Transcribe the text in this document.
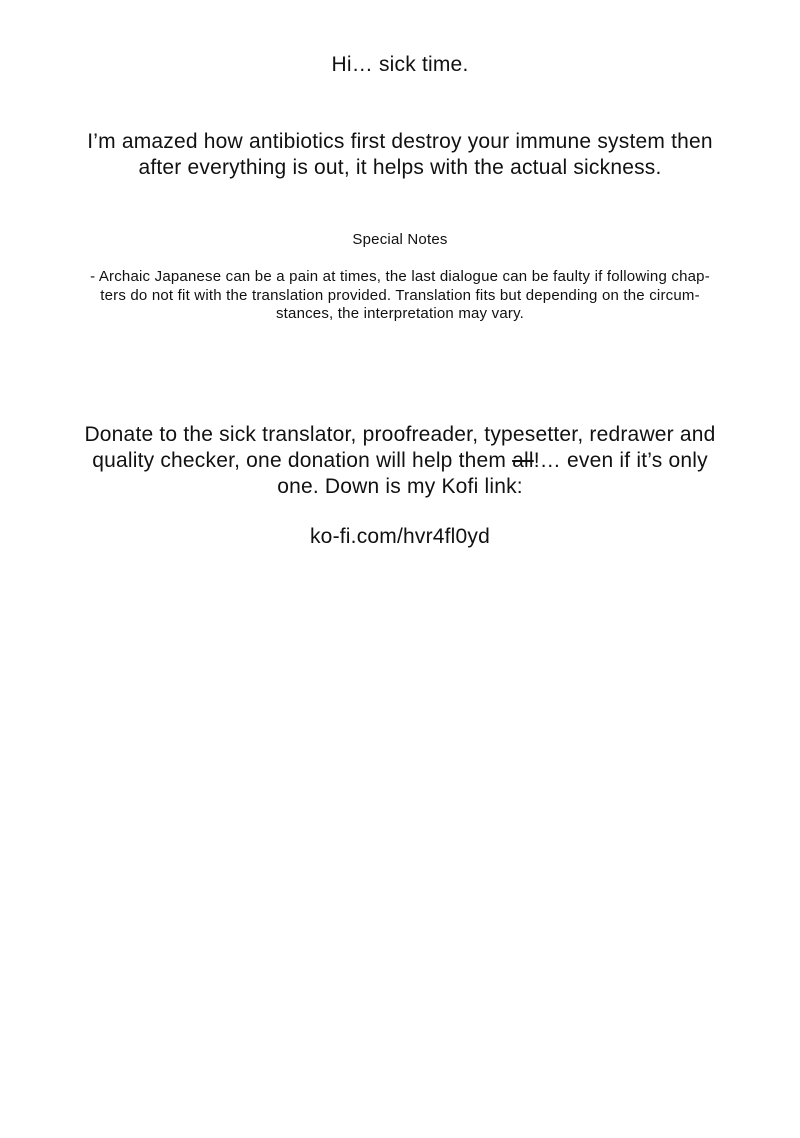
Hi… sick time.
I’m amazed how antibiotics first destroy your immune system then
after everything is out, it helps with the actual sickness.
Special Notes
- Archaic Japanese can be a pain at times, the last dialogue can be faulty if following chap-
ters do not fit with the translation provided. Translation fits but depending on the circum-
stances, the interpretation may vary.
Donate to the sick translator, proofreader, typesetter, redrawer and
quality checker, one donation will help them all!… even if it’s only
one. Down is my Kofi link:
ko-fi.com/hvr4fl0yd
